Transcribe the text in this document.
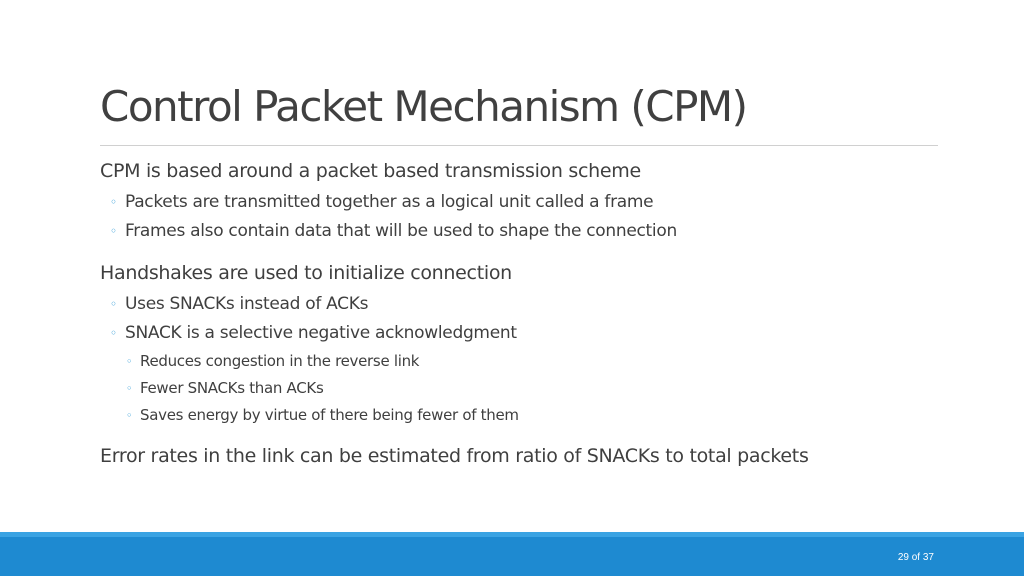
Control Packet Mechanism (CPM)
CPM is based around a packet based transmission scheme
◦ Packets are transmitted together as a logical unit called a frame
◦ Frames also contain data that will be used to shape the connection
Handshakes are used to initialize connection
◦ Uses SNACKs instead of ACKs
◦ SNACK is a selective negative acknowledgment
◦ Reduces congestion in the reverse link
◦ Fewer SNACKs than ACKs
◦ Saves energy by virtue of there being fewer of them
Error rates in the link can be estimated from ratio of SNACKs to total packets
29 of 37
